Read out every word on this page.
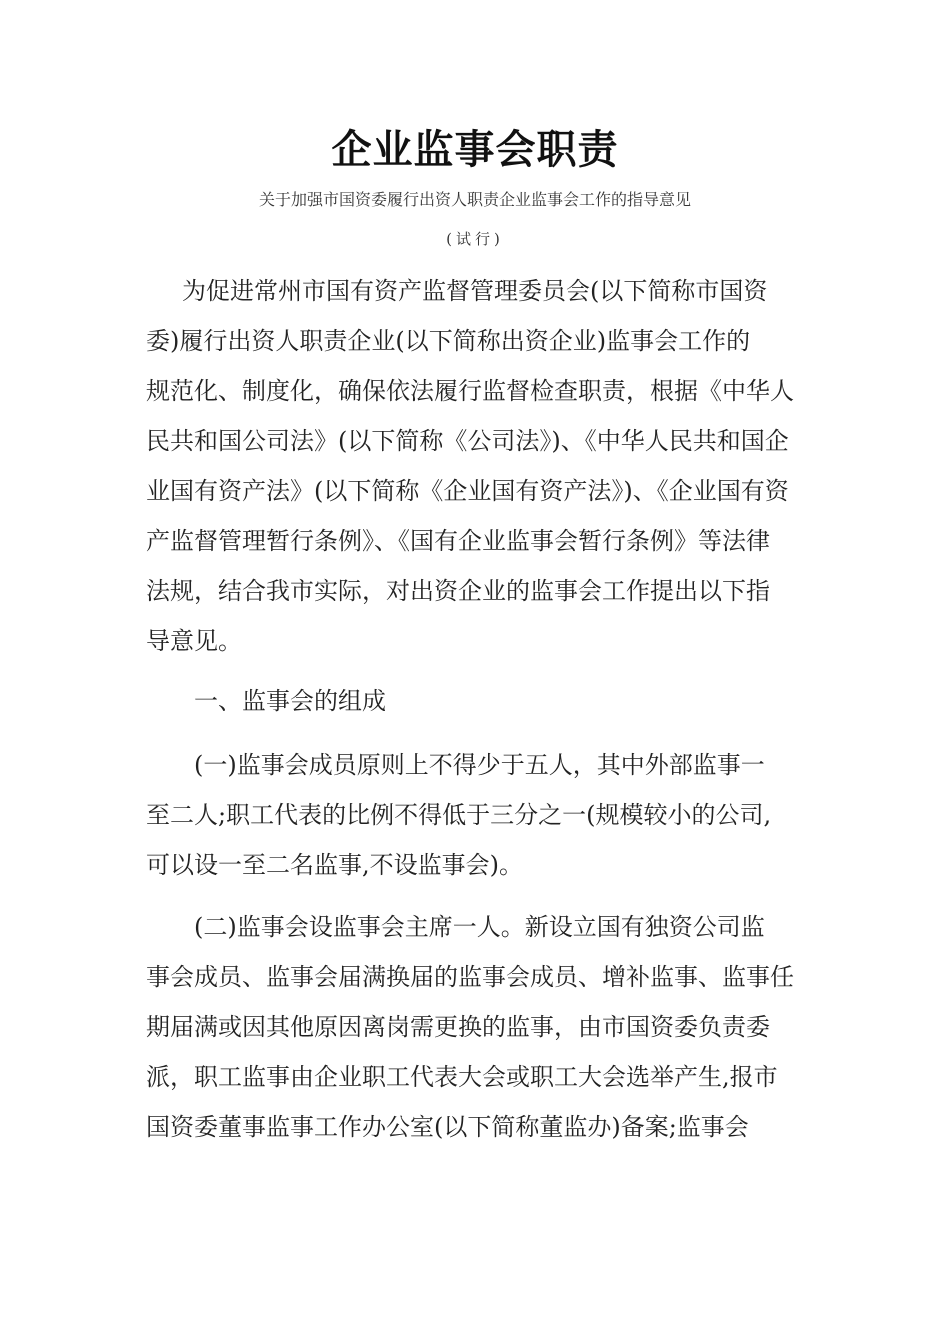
企业监事会职责
关于加强市国资委履行出资人职责企业监事会工作的指导意见
(试行)
为促进常州市国有资产监督管理委员会(以下简称市国资
委)履行出资人职责企业(以下简称出资企业)监事会工作的
规范化、制度化，确保依法履行监督检查职责，根据《中华人
民共和国公司法》(以下简称《公司法》)、《中华人民共和国企
业国有资产法》(以下简称《企业国有资产法》)、《企业国有资
产监督管理暂行条例》、《国有企业监事会暂行条例》等法律
法规，结合我市实际，对出资企业的监事会工作提出以下指
导意见。
一、监事会的组成
(一)监事会成员原则上不得少于五人，其中外部监事一
至二人;职工代表的比例不得低于三分之一(规模较小的公司,
可以设一至二名监事,不设监事会)。
(二)监事会设监事会主席一人。新设立国有独资公司监
事会成员、监事会届满换届的监事会成员、增补监事、监事任
期届满或因其他原因离岗需更换的监事，由市国资委负责委
派，职工监事由企业职工代表大会或职工大会选举产生,报市
国资委董事监事工作办公室(以下简称董监办)备案;监事会
